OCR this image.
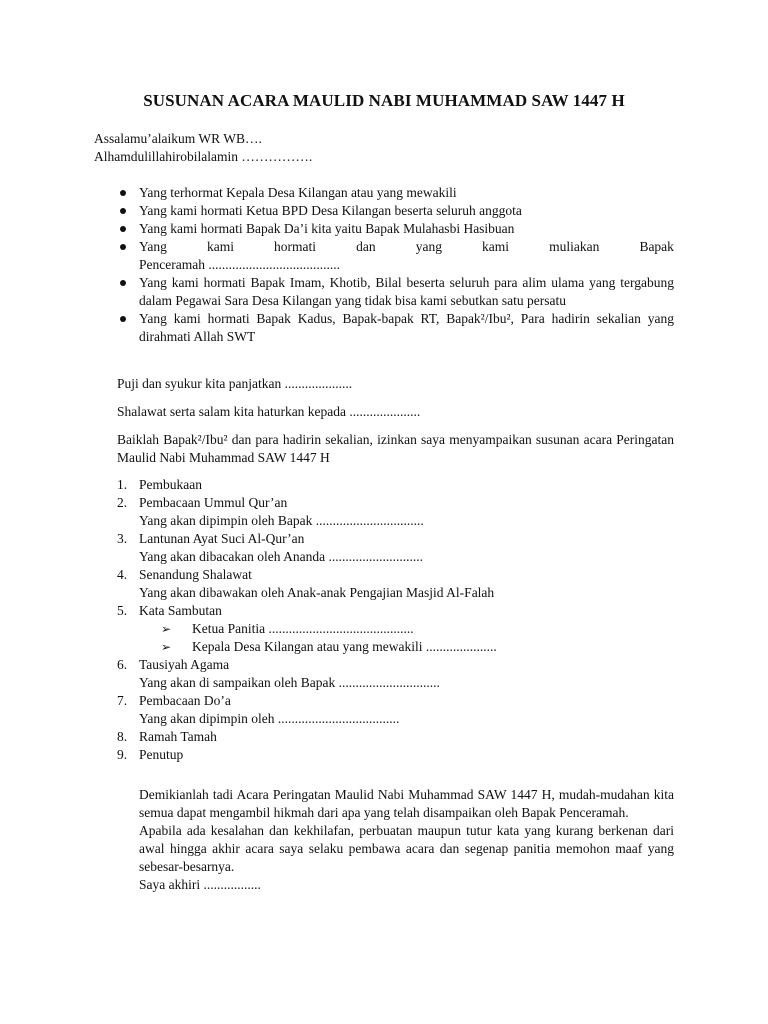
SUSUNAN ACARA MAULID NABI MUHAMMAD SAW 1447 H
Assalamu’alaikum WR WB….
Alhamdulillahirobilalamin …………….
Yang terhormat Kepala Desa Kilangan atau yang mewakili
Yang kami hormati Ketua BPD Desa Kilangan beserta seluruh anggota
Yang kami hormati Bapak Da’i kita yaitu Bapak Mulahasbi Hasibuan
Yang	kami	hormati	dan	yang	kami	muliakan	Bapak
Penceramah .......................................
Yang kami hormati Bapak Imam, Khotib, Bilal beserta seluruh para alim ulama yang tergabung dalam Pegawai Sara Desa Kilangan yang tidak bisa kami sebutkan satu persatu
Yang kami hormati Bapak Kadus, Bapak-bapak RT, Bapak²/Ibu², Para hadirin sekalian yang dirahmati Allah SWT
Puji dan syukur kita panjatkan ....................
Shalawat serta salam kita haturkan kepada .....................
Baiklah Bapak²/Ibu² dan para hadirin sekalian, izinkan saya menyampaikan susunan acara Peringatan Maulid Nabi Muhammad SAW 1447 H
1. Pembukaan
2. Pembacaan Ummul Qur’an
Yang akan dipimpin oleh Bapak ................................
3. Lantunan Ayat Suci Al-Qur’an
Yang akan dibacakan oleh Ananda ............................
4. Senandung Shalawat
Yang akan dibawakan oleh Anak-anak Pengajian Masjid Al-Falah
5. Kata Sambutan
➢ Ketua Panitia ...........................................
➢ Kepala Desa Kilangan atau yang mewakili .....................
6. Tausiyah Agama
Yang akan di sampaikan oleh Bapak ..............................
7. Pembacaan Do’a
Yang akan dipimpin oleh ....................................
8. Ramah Tamah
9. Penutup

Demikianlah tadi Acara Peringatan Maulid Nabi Muhammad SAW 1447 H, mudah-mudahan kita semua dapat mengambil hikmah dari apa yang telah disampaikan oleh Bapak Penceramah.

Apabila ada kesalahan dan kekhilafan, perbuatan maupun tutur kata yang kurang berkenan dari awal hingga akhir acara saya selaku pembawa acara dan segenap panitia memohon maaf yang sebesar-besarnya.

Saya akhiri .................
